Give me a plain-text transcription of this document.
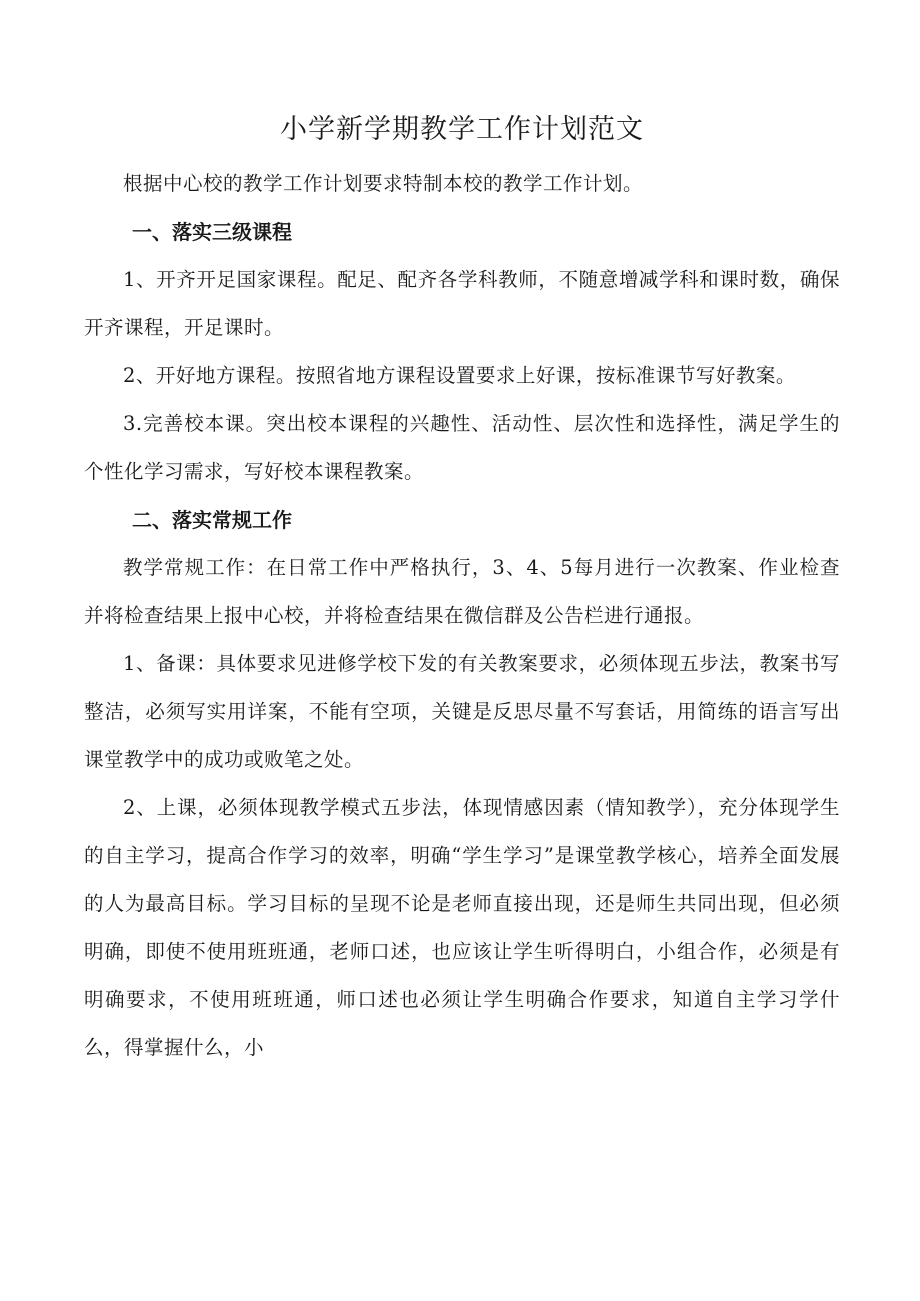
小学新学期教学工作计划范文

根据中心校的教学工作计划要求特制本校的教学工作计划。

一、落实三级课程

1、开齐开足国家课程。配足、配齐各学科教师，不随意增减学科和课时数，确保开齐课程，开足课时。

2、开好地方课程。按照省地方课程设置要求上好课，按标准课节写好教案。

3.完善校本课。突出校本课程的兴趣性、活动性、层次性和选择性，满足学生的个性化学习需求，写好校本课程教案。

二、落实常规工作

教学常规工作：在日常工作中严格执行，3、4、5每月进行一次教案、作业检查并将检查结果上报中心校，并将检查结果在微信群及公告栏进行通报。

1、备课：具体要求见进修学校下发的有关教案要求，必须体现五步法，教案书写整洁，必须写实用详案，不能有空项，关键是反思尽量不写套话，用简练的语言写出课堂教学中的成功或败笔之处。

2、上课，必须体现教学模式五步法，体现情感因素（情知教学），充分体现学生的自主学习，提高合作学习的效率，明确“学生学习”是课堂教学核心，培养全面发展的人为最高目标。学习目标的呈现不论是老师直接出现，还是师生共同出现，但必须明确，即使不使用班班通，老师口述，也应该让学生听得明白，小组合作，必须是有明确要求，不使用班班通，师口述也必须让学生明确合作要求，知道自主学习学什么，得掌握什么，小
